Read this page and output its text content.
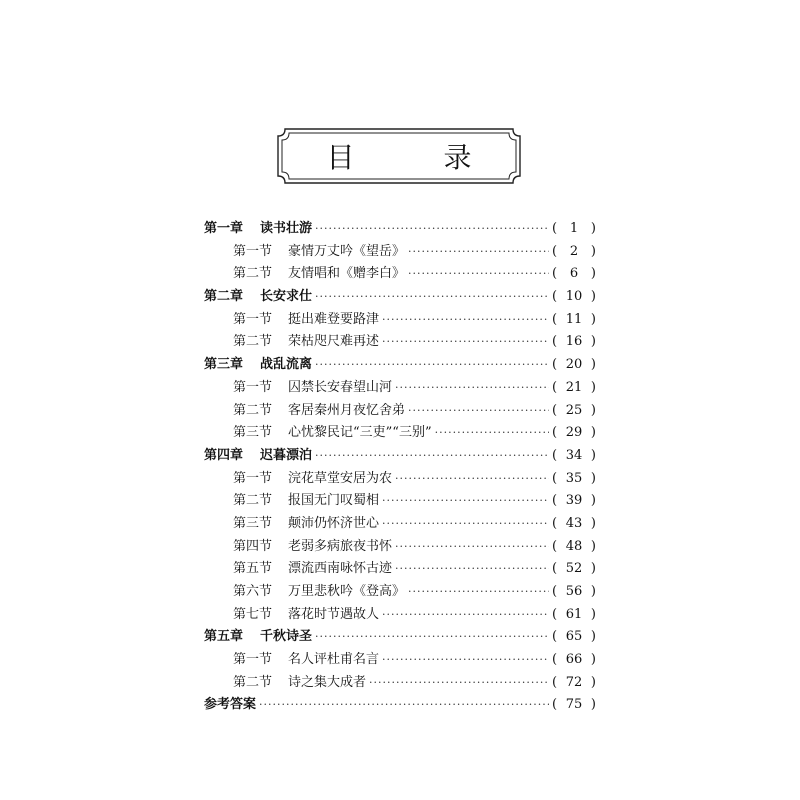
目 录
第一章	读书壮游 ·····	( 1 )
第一节	豪情万丈吟《望岳》 ·····	( 2 )
第二节	友情唱和《赠李白》 ·····	( 6 )
第二章	长安求仕 ·····	( 10 )
第一节	挺出难登要路津 ·····	( 11 )
第二节	荣枯咫尺难再述 ·····	( 16 )
第三章	战乱流离 ·····	( 20 )
第一节	囚禁长安春望山河 ·····	( 21 )
第二节	客居秦州月夜忆舍弟 ·····	( 25 )
第三节	心忧黎民记“三吏”“三别” ·····	( 29 )
第四章	迟暮漂泊 ·····	( 34 )
第一节	浣花草堂安居为农 ·····	( 35 )
第二节	报国无门叹蜀相 ·····	( 39 )
第三节	颠沛仍怀济世心 ·····	( 43 )
第四节	老弱多病旅夜书怀 ·····	( 48 )
第五节	漂流西南咏怀古迹 ·····	( 52 )
第六节	万里悲秋吟《登高》 ·····	( 56 )
第七节	落花时节遇故人 ·····	( 61 )
第五章	千秋诗圣 ·····	( 65 )
第一节	名人评杜甫名言 ·····	( 66 )
第二节	诗之集大成者 ·····	( 72 )
参考答案 ·····	( 75 )
